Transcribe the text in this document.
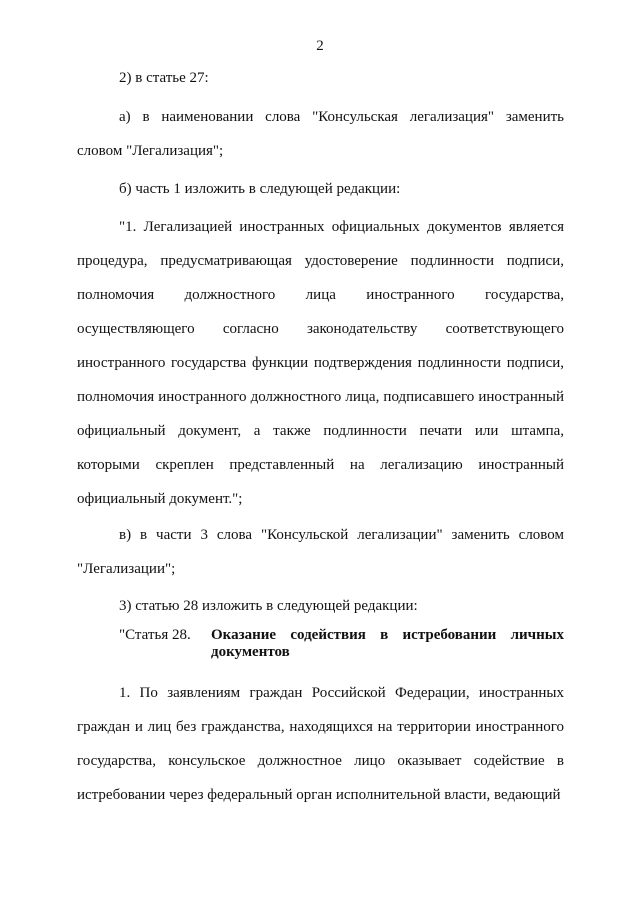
2

2) в статье 27:

а) в наименовании слова "Консульская легализация" заменить

словом "Легализация";

б) часть 1 изложить в следующей редакции:

"1. Легализацией иностранных официальных документов является процедура, предусматривающая удостоверение подлинности подписи, полномочия должностного лица иностранного государства, осуществляющего согласно законодательству соответствующего иностранного государства функции подтверждения подлинности подписи, полномочия иностранного должностного лица, подписавшего иностранный официальный документ, а также подлинности печати или штампа, которыми скреплен представленный на легализацию иностранный официальный документ.";

в) в части 3 слова "Консульской легализации" заменить словом

"Легализации";

3) статью 28 изложить в следующей редакции:

"Статья 28. Оказание содействия в истребовании личных документов

1. По заявлениям граждан Российской Федерации, иностранных граждан и лиц без гражданства, находящихся на территории иностранного государства, консульское должностное лицо оказывает содействие в истребовании через федеральный орган исполнительной власти, ведающий
